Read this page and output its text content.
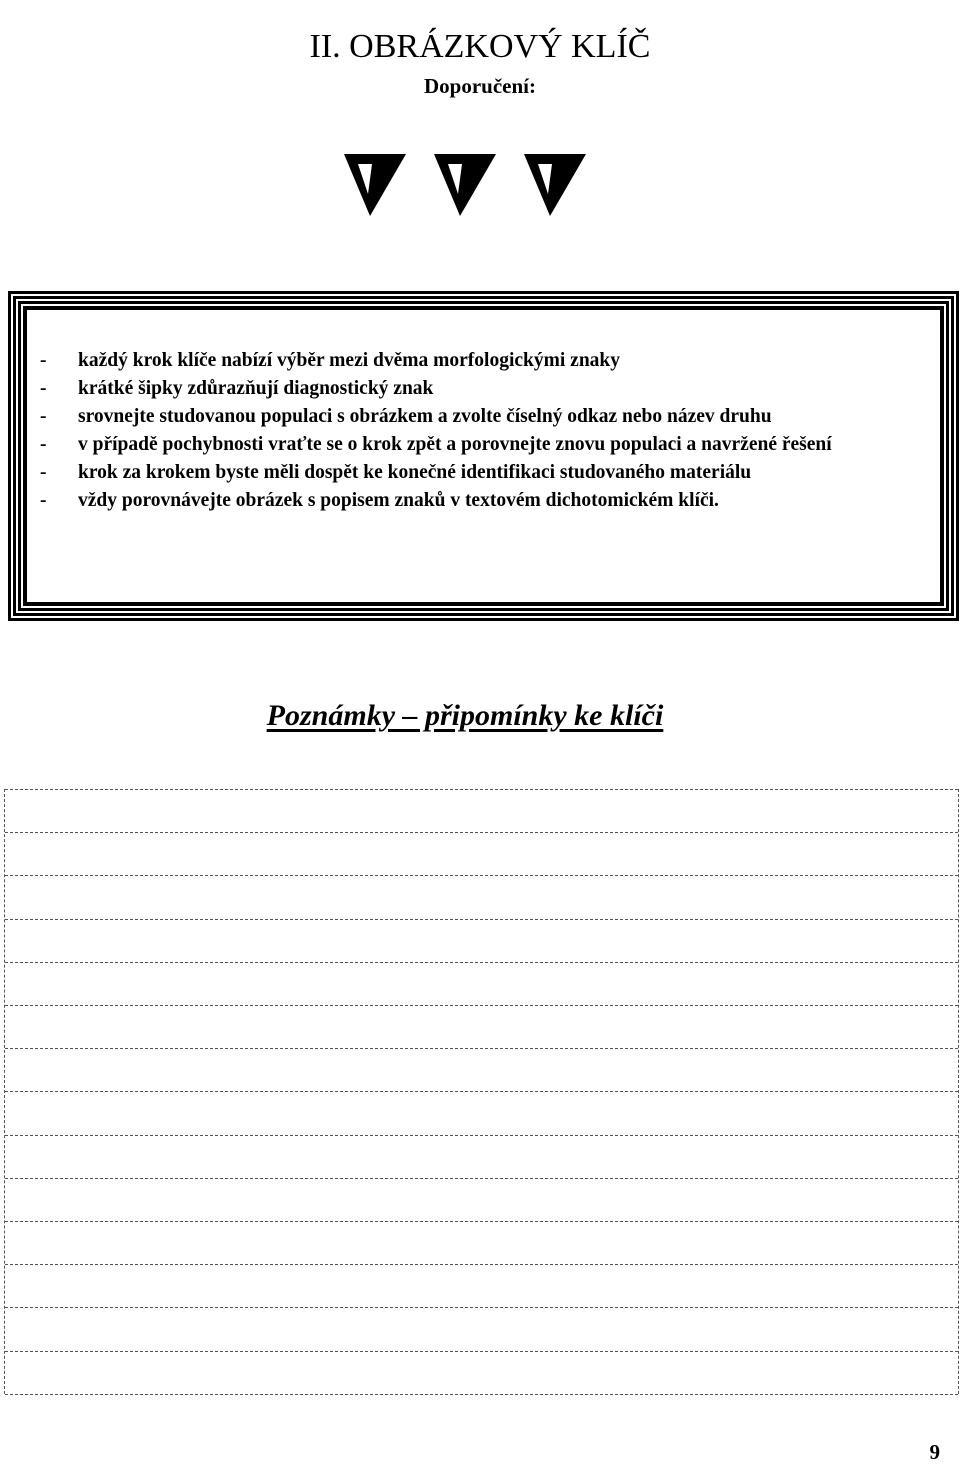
II. OBRÁZKOVÝ KLÍČ
Doporučení:
- každý krok klíče nabízí výběr mezi dvěma morfologickými znaky
- krátké šipky zdůrazňují diagnostický znak
- srovnejte studovanou populaci s obrázkem a zvolte číselný odkaz nebo název druhu
- v případě pochybnosti vraťte se o krok zpět a porovnejte znovu populaci a navržené řešení
- krok za krokem byste měli dospět ke konečné identifikaci studovaného materiálu
- vždy porovnávejte obrázek s popisem znaků v textovém dichotomickém klíči.
Poznámky – připomínky ke klíči
9
